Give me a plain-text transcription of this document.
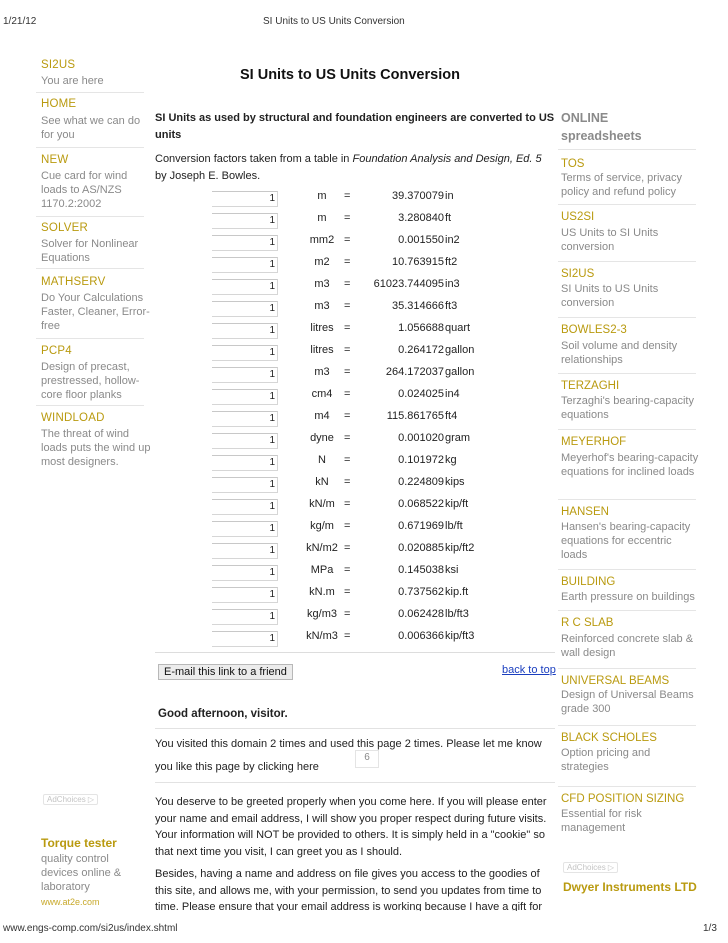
1/21/12	SI Units to US Units Conversion
www.engs-comp.com/si2us/index.shtml	1/3
SI2US
You are here
HOME
See what we can do for you
NEW
Cue card for wind loads to AS/NZS 1170.2:2002
SOLVER
Solver for Nonlinear Equations
MATHSERV
Do Your Calculations Faster, Cleaner, Error-free
PCP4
Design of precast, prestressed, hollow-core floor planks
WINDLOAD
The threat of wind loads puts the wind up most designers.
AdChoices ▷
Torque tester
quality control devices online & laboratory
www.at2e.com
SI Units to US Units Conversion
SI Units as used by structural and foundation engineers are converted to US units
Conversion factors taken from a table in Foundation Analysis and Design, Ed. 5 by Joseph E. Bowles.
1	m	=	39.370079 in
1	m	=	3.280840 ft
1	mm2 =	0.001550 in2
1	m2	=	10.763915 ft2
1	m3	=	61023.744095 in3
1	m3	=	35.314666 ft3
1	litres =	1.056688 quart
1	litres =	0.264172 gallon
1	m3	=	264.172037 gallon
1	cm4	=	0.024025 in4
1	m4	=	115.861765 ft4
1	dyne =	0.001020 gram
1	N	=	0.101972 kg
1	kN	=	0.224809 kips
1	kN/m =	0.068522 kip/ft
1	kg/m =	0.671969 lb/ft
1	kN/m2 =	0.020885 kip/ft2
1	MPa =	0.145038 ksi
1	kN.m =	0.737562 kip.ft
1	kg/m3 =	0.062428 lb/ft3
1	kN/m3 =	0.006366 kip/ft3
E-mail this link to a friend	back to top
Good afternoon, visitor.
You visited this domain 2 times and used this page 2 times. Please let me know you like this page by clicking here
6
You deserve to be greeted properly when you come here. If you will please enter your name and email address, I will show you proper respect during future visits. Your information will NOT be provided to others. It is simply held in a "cookie" so that next time you visit, I can greet you as I should.
Besides, having a name and address on file gives you access to the goodies of this site, and allows me, with your permission, to send you updates from time to time. Please ensure that your email address is working because I have a gift for
ONLINE
spreadsheets
TOS
Terms of service, privacy policy and refund policy
US2SI
US Units to SI Units conversion
SI2US
SI Units to US Units conversion
BOWLES2-3
Soil volume and density relationships
TERZAGHI
Terzaghi's bearing-capacity equations
MEYERHOF
Meyerhof's bearing-capacity equations for inclined loads
HANSEN
Hansen's bearing-capacity equations for eccentric loads
BUILDING
Earth pressure on buildings
R C SLAB
Reinforced concrete slab & wall design
UNIVERSAL BEAMS
Design of Universal Beams grade 300
BLACK SCHOLES
Option pricing and strategies
CFD POSITION SIZING
Essential for risk management
AdChoices ▷
Dwyer Instruments LTD
